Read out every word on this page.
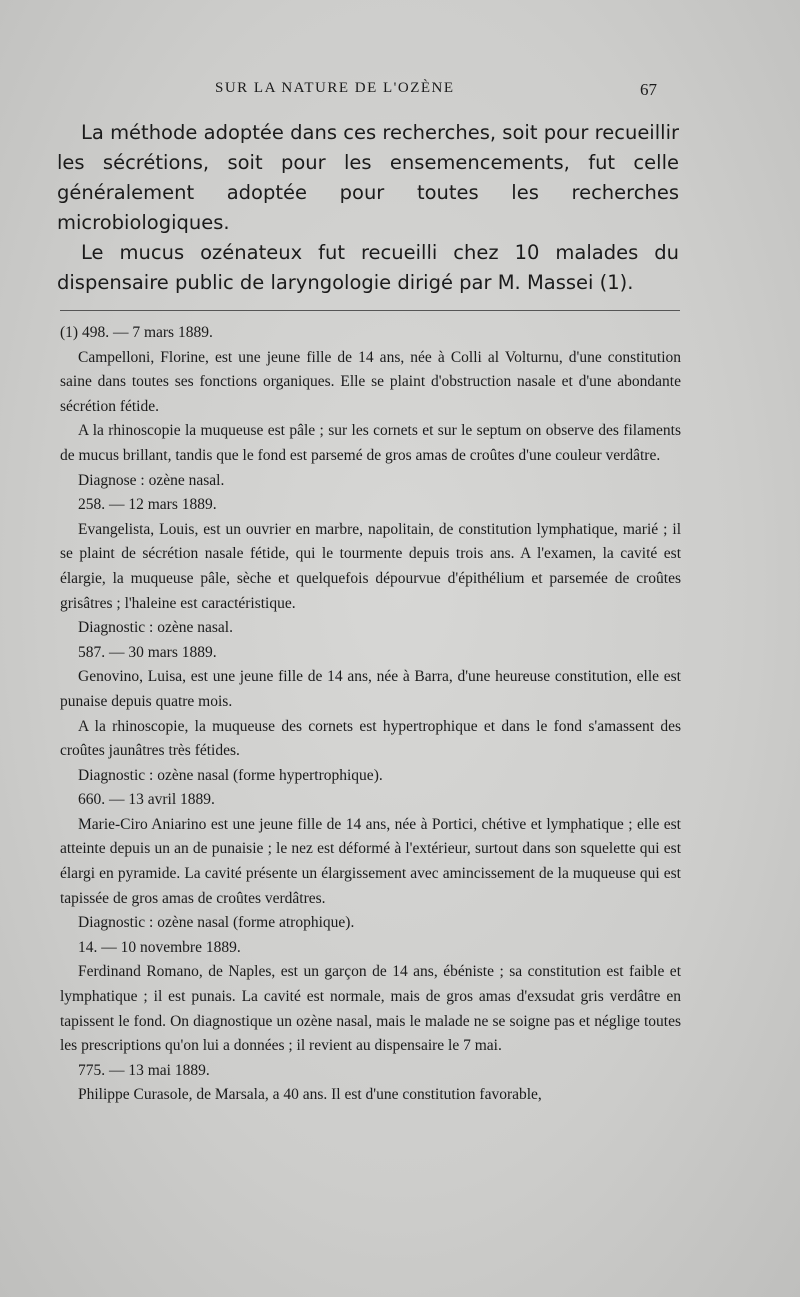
SUR LA NATURE DE L'OZÈNE	67

La méthode adoptée dans ces recherches, soit pour recueillir les sécrétions, soit pour les ensemencements, fut celle généralement adoptée pour toutes les recherches microbiologiques.

Le mucus ozénateux fut recueilli chez 10 malades du dispensaire public de laryngologie dirigé par M. Massei (1).

(1) 498. — 7 mars 1889.

Campelloni, Florine, est une jeune fille de 14 ans, née à Colli al Volturnu, d'une constitution saine dans toutes ses fonctions organiques. Elle se plaint d'obstruction nasale et d'une abondante sécrétion fétide.

A la rhinoscopie la muqueuse est pâle ; sur les cornets et sur le septum on observe des filaments de mucus brillant, tandis que le fond est parsemé de gros amas de croûtes d'une couleur verdâtre.

Diagnose : ozène nasal.

258. — 12 mars 1889.

Evangelista, Louis, est un ouvrier en marbre, napolitain, de constitution lymphatique, marié ; il se plaint de sécrétion nasale fétide, qui le tourmente depuis trois ans. A l'examen, la cavité est élargie, la muqueuse pâle, sèche et quelquefois dépourvue d'épithélium et parsemée de croûtes grisâtres ; l'haleine est caractéristique.

Diagnostic : ozène nasal.

587. — 30 mars 1889.

Genovino, Luisa, est une jeune fille de 14 ans, née à Barra, d'une heureuse constitution, elle est punaise depuis quatre mois.

A la rhinoscopie, la muqueuse des cornets est hypertrophique et dans le fond s'amassent des croûtes jaunâtres très fétides.

Diagnostic : ozène nasal (forme hypertrophique).

660. — 13 avril 1889.

Marie-Ciro Aniarino est une jeune fille de 14 ans, née à Portici, chétive et lymphatique ; elle est atteinte depuis un an de punaisie ; le nez est déformé à l'extérieur, surtout dans son squelette qui est élargi en pyramide. La cavité présente un élargissement avec amincissement de la muqueuse qui est tapissée de gros amas de croûtes verdâtres.

Diagnostic : ozène nasal (forme atrophique).

14. — 10 novembre 1889.

Ferdinand Romano, de Naples, est un garçon de 14 ans, ébéniste ; sa constitution est faible et lymphatique ; il est punais. La cavité est normale, mais de gros amas d'exsudat gris verdâtre en tapissent le fond. On diagnostique un ozène nasal, mais le malade ne se soigne pas et néglige toutes les prescriptions qu'on lui a données ; il revient au dispensaire le 7 mai.

775. — 13 mai 1889.

Philippe Curasole, de Marsala, a 40 ans. Il est d'une constitution favorable,
